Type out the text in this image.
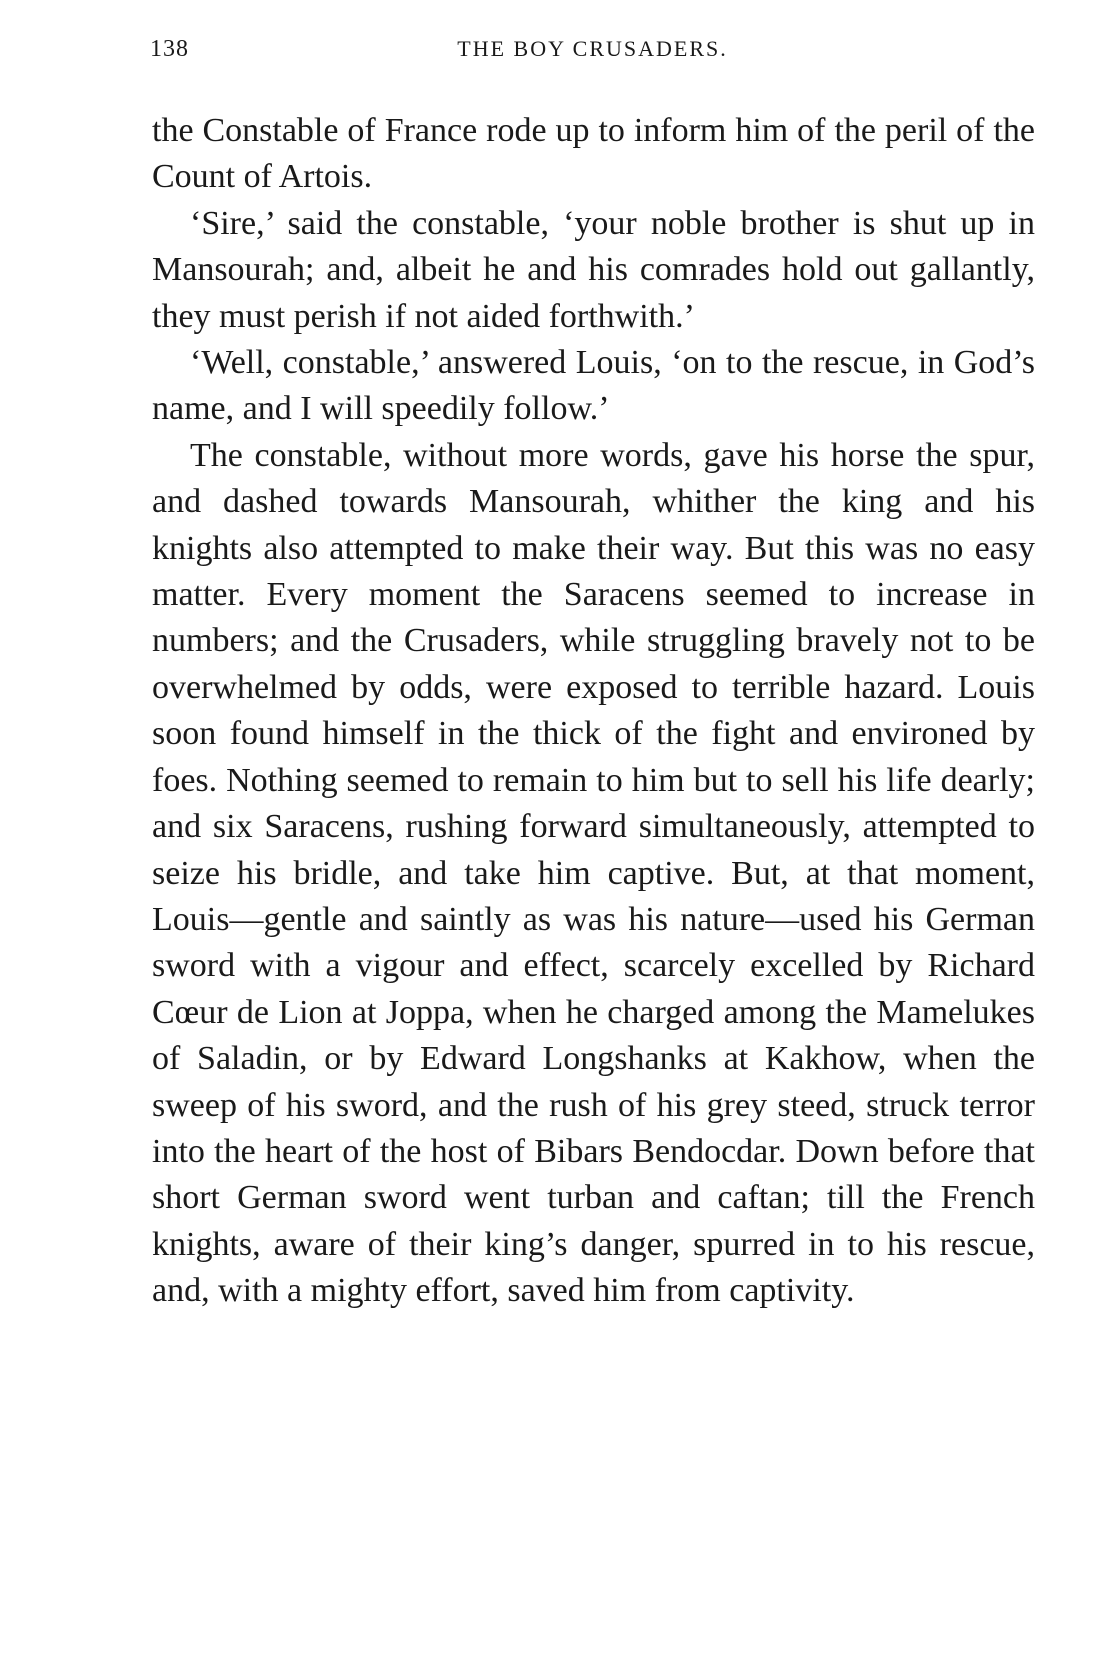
138	THE BOY CRUSADERS.

the Constable of France rode up to inform him of the peril of the Count of Artois.

‘Sire,’ said the constable, ‘your noble brother is shut up in Mansourah; and, albeit he and his comrades hold out gallantly, they must perish if not aided forthwith.’

‘Well, constable,’ answered Louis, ‘on to the rescue, in God’s name, and I will speedily follow.’

The constable, without more words, gave his horse the spur, and dashed towards Mansourah, whither the king and his knights also attempted to make their way. But this was no easy matter. Every moment the Saracens seemed to increase in numbers; and the Crusaders, while struggling bravely not to be overwhelmed by odds, were exposed to terrible hazard. Louis soon found himself in the thick of the fight and environed by foes. Nothing seemed to remain to him but to sell his life dearly; and six Saracens, rushing forward simultaneously, attempted to seize his bridle, and take him captive. But, at that moment, Louis—gentle and saintly as was his nature—used his German sword with a vigour and effect, scarcely excelled by Richard Cœur de Lion at Joppa, when he charged among the Mamelukes of Saladin, or by Edward Longshanks at Kakhow, when the sweep of his sword, and the rush of his grey steed, struck terror into the heart of the host of Bibars Bendocdar. Down before that short German sword went turban and caftan; till the French knights, aware of their king’s danger, spurred in to his rescue, and, with a mighty effort, saved him from captivity.
